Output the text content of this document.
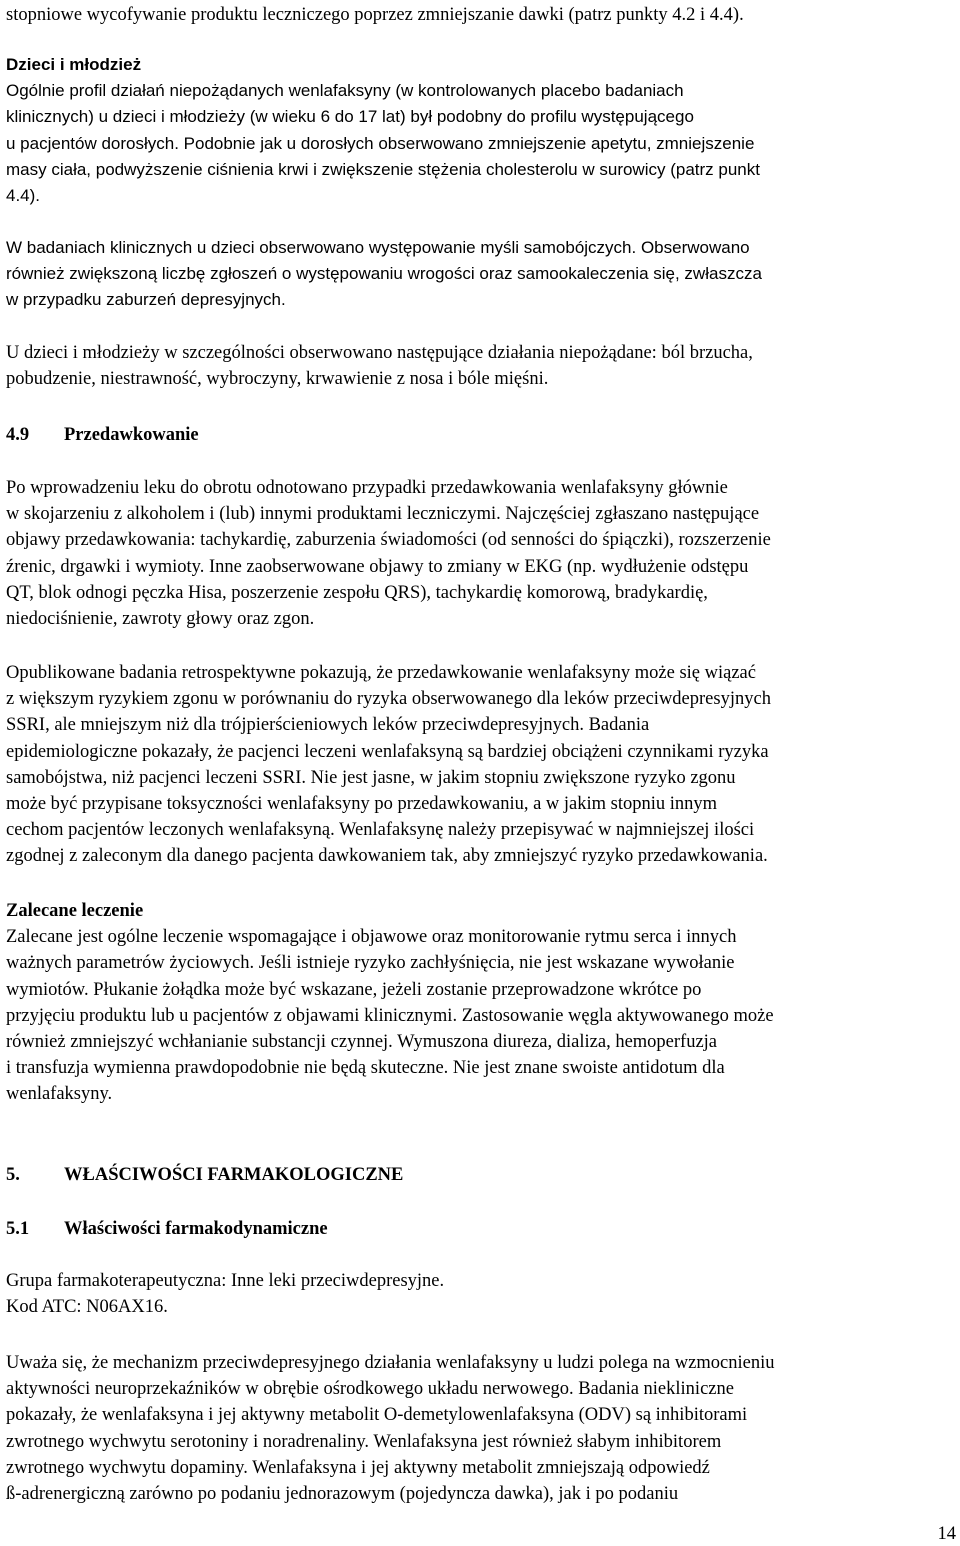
stopniowe wycofywanie produktu leczniczego poprzez zmniejszanie dawki (patrz punkty 4.2 i 4.4).
Dzieci i młodzież
Ogólnie profil działań niepożądanych wenlafaksyny (w kontrolowanych placebo badaniach
klinicznych) u dzieci i młodzieży (w wieku 6 do 17 lat) był podobny do profilu występującego
u pacjentów dorosłych. Podobnie jak u dorosłych obserwowano zmniejszenie apetytu, zmniejszenie
masy ciała, podwyższenie ciśnienia krwi i zwiększenie stężenia cholesterolu w surowicy (patrz punkt
4.4).
W badaniach klinicznych u dzieci obserwowano występowanie myśli samobójczych. Obserwowano
również zwiększoną liczbę zgłoszeń o występowaniu wrogości oraz samookaleczenia się, zwłaszcza
w przypadku zaburzeń depresyjnych.
U dzieci i młodzieży w szczególności obserwowano następujące działania niepożądane: ból brzucha,
pobudzenie, niestrawność, wybroczyny, krwawienie z nosa i bóle mięśni.
4.9 Przedawkowanie
Po wprowadzeniu leku do obrotu odnotowano przypadki przedawkowania wenlafaksyny głównie
w skojarzeniu z alkoholem i (lub) innymi produktami leczniczymi. Najczęściej zgłaszano następujące
objawy przedawkowania: tachykardię, zaburzenia świadomości (od senności do śpiączki), rozszerzenie
źrenic, drgawki i wymioty. Inne zaobserwowane objawy to zmiany w EKG (np. wydłużenie odstępu
QT, blok odnogi pęczka Hisa, poszerzenie zespołu QRS), tachykardię komorową, bradykardię,
niedociśnienie, zawroty głowy oraz zgon.
Opublikowane badania retrospektywne pokazują, że przedawkowanie wenlafaksyny może się wiązać
z większym ryzykiem zgonu w porównaniu do ryzyka obserwowanego dla leków przeciwdepresyjnych
SSRI, ale mniejszym niż dla trójpierścieniowych leków przeciwdepresyjnych. Badania
epidemiologiczne pokazały, że pacjenci leczeni wenlafaksyną są bardziej obciążeni czynnikami ryzyka
samobójstwa, niż pacjenci leczeni SSRI. Nie jest jasne, w jakim stopniu zwiększone ryzyko zgonu
może być przypisane toksyczności wenlafaksyny po przedawkowaniu, a w jakim stopniu innym
cechom pacjentów leczonych wenlafaksyną. Wenlafaksynę należy przepisywać w najmniejszej ilości
zgodnej z zaleconym dla danego pacjenta dawkowaniem tak, aby zmniejszyć ryzyko przedawkowania.
Zalecane leczenie
Zalecane jest ogólne leczenie wspomagające i objawowe oraz monitorowanie rytmu serca i innych
ważnych parametrów życiowych. Jeśli istnieje ryzyko zachłyśnięcia, nie jest wskazane wywołanie
wymiotów. Płukanie żołądka może być wskazane, jeżeli zostanie przeprowadzone wkrótce po
przyjęciu produktu lub u pacjentów z objawami klinicznymi. Zastosowanie węgla aktywowanego może
również zmniejszyć wchłanianie substancji czynnej. Wymuszona diureza, dializa, hemoperfuzja
i transfuzja wymienna prawdopodobnie nie będą skuteczne. Nie jest znane swoiste antidotum dla
wenlafaksyny.
5. WŁAŚCIWOŚCI FARMAKOLOGICZNE
5.1 Właściwości farmakodynamiczne
Grupa farmakoterapeutyczna: Inne leki przeciwdepresyjne.
Kod ATC: N06AX16.
Uważa się, że mechanizm przeciwdepresyjnego działania wenlafaksyny u ludzi polega na wzmocnieniu
aktywności neuroprzekaźników w obrębie ośrodkowego układu nerwowego. Badania niekliniczne
pokazały, że wenlafaksyna i jej aktywny metabolit O-demetylowenlafaksyna (ODV) są inhibitorami
zwrotnego wychwytu serotoniny i noradrenaliny. Wenlafaksyna jest również słabym inhibitorem
zwrotnego wychwytu dopaminy. Wenlafaksyna i jej aktywny metabolit zmniejszają odpowiedź
ß-adrenergiczną zarówno po podaniu jednorazowym (pojedyncza dawka), jak i po podaniu
14
